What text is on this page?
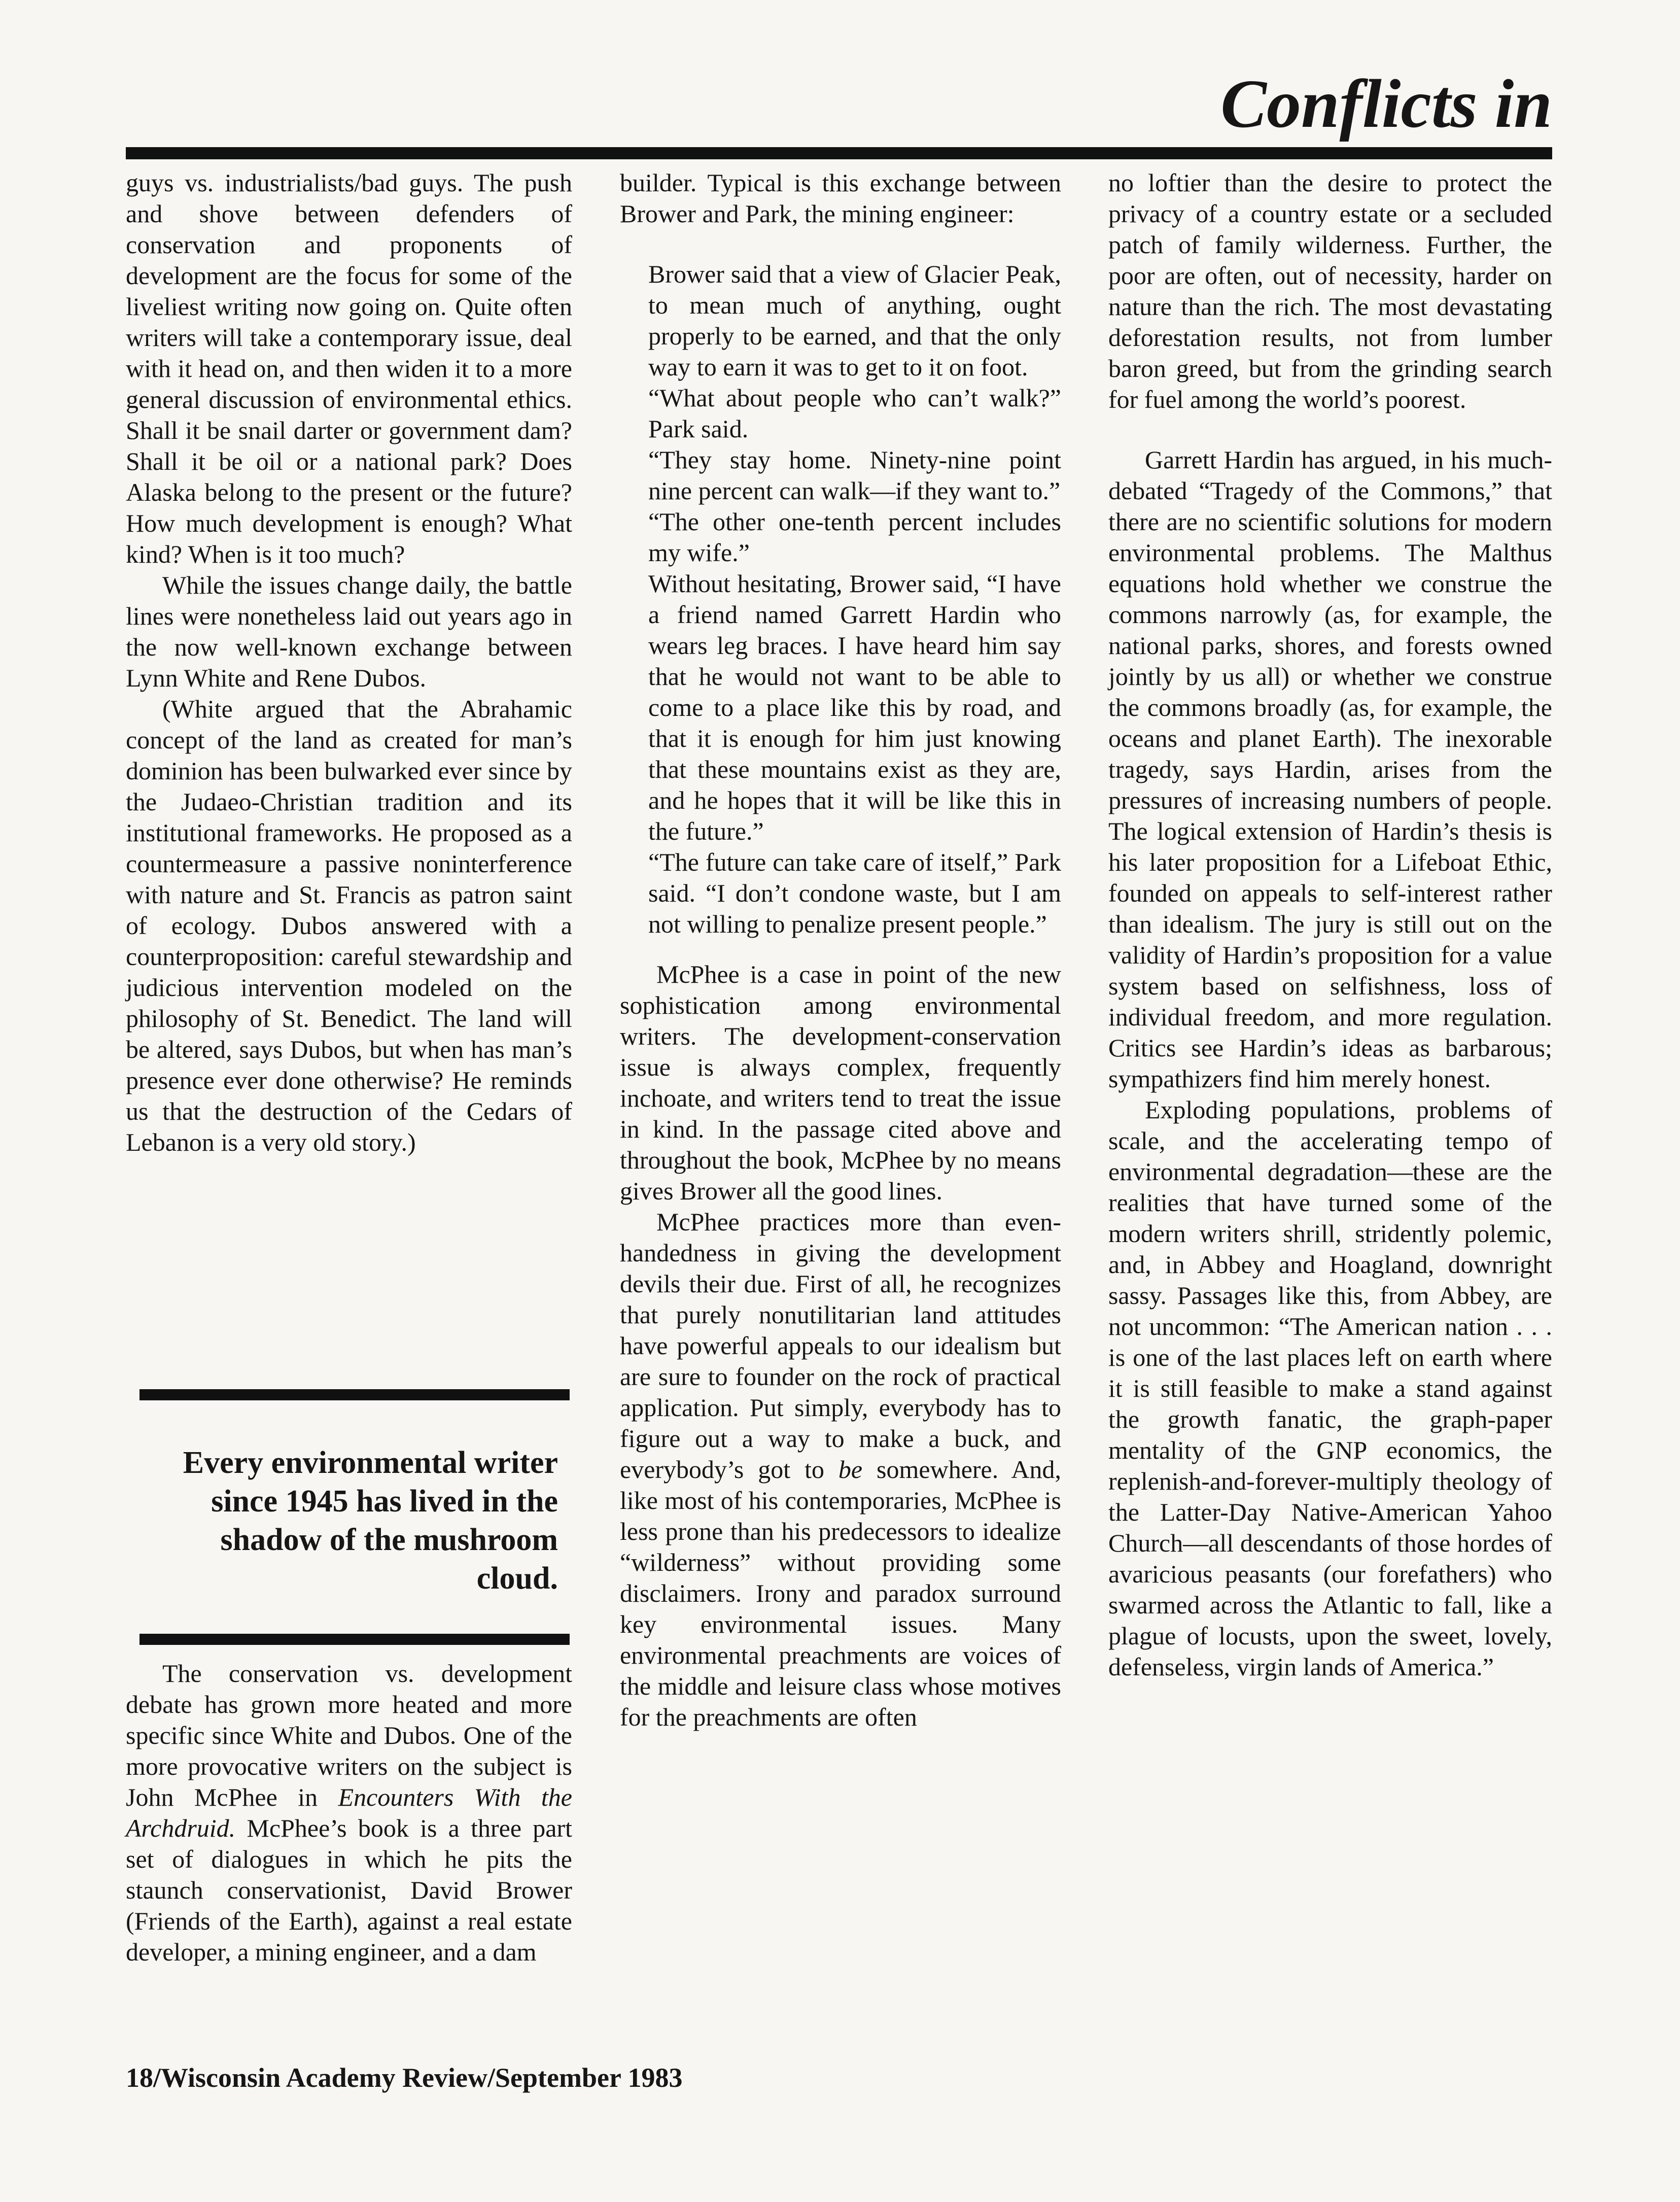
Conflicts in

guys vs. industrialists/bad guys. The push and shove between defenders of conservation and proponents of development are the focus for some of the liveliest writing now going on. Quite often writers will take a contemporary issue, deal with it head on, and then widen it to a more general discussion of environmental ethics. Shall it be snail darter or government dam? Shall it be oil or a national park? Does Alaska belong to the present or the future? How much development is enough? What kind? When is it too much?

While the issues change daily, the battle lines were nonetheless laid out years ago in the now well-known exchange between Lynn White and Rene Dubos.

(White argued that the Abrahamic concept of the land as created for man’s dominion has been bulwarked ever since by the Judaeo-Christian tradition and its institutional frameworks. He proposed as a countermeasure a passive noninterference with nature and St. Francis as patron saint of ecology. Dubos answered with a counterproposition: careful stewardship and judicious intervention modeled on the philosophy of St. Benedict. The land will be altered, says Dubos, but when has man’s presence ever done otherwise? He reminds us that the destruction of the Cedars of Lebanon is a very old story.)

Every environmental writer since 1945 has lived in the shadow of the mushroom cloud.

The conservation vs. development debate has grown more heated and more specific since White and Dubos. One of the more provocative writers on the subject is John McPhee in Encounters With the Archdruid. McPhee’s book is a three part set of dialogues in which he pits the staunch conservationist, David Brower (Friends of the Earth), against a real estate developer, a mining engineer, and a dam

builder. Typical is this exchange between Brower and Park, the mining engineer:

Brower said that a view of Glacier Peak, to mean much of anything, ought properly to be earned, and that the only way to earn it was to get to it on foot.

“What about people who can’t walk?” Park said.

“They stay home. Ninety-nine point nine percent can walk—if they want to.”

“The other one-tenth percent includes my wife.”

Without hesitating, Brower said, “I have a friend named Garrett Hardin who wears leg braces. I have heard him say that he would not want to be able to come to a place like this by road, and that it is enough for him just knowing that these mountains exist as they are, and he hopes that it will be like this in the future.”

“The future can take care of itself,” Park said. “I don’t condone waste, but I am not willing to penalize present people.”

McPhee is a case in point of the new sophistication among environmental writers. The development-conservation issue is always complex, frequently inchoate, and writers tend to treat the issue in kind. In the passage cited above and throughout the book, McPhee by no means gives Brower all the good lines.

McPhee practices more than even-handedness in giving the development devils their due. First of all, he recognizes that purely nonutilitarian land attitudes have powerful appeals to our idealism but are sure to founder on the rock of practical application. Put simply, everybody has to figure out a way to make a buck, and everybody’s got to be somewhere. And, like most of his contemporaries, McPhee is less prone than his predecessors to idealize “wilderness” without providing some disclaimers. Irony and paradox surround key environmental issues. Many environmental preachments are voices of the middle and leisure class whose motives for the preachments are often

no loftier than the desire to protect the privacy of a country estate or a secluded patch of family wilderness. Further, the poor are often, out of necessity, harder on nature than the rich. The most devastating deforestation results, not from lumber baron greed, but from the grinding search for fuel among the world’s poorest.

Garrett Hardin has argued, in his much-debated “Tragedy of the Commons,” that there are no scientific solutions for modern environmental problems. The Malthus equations hold whether we construe the commons narrowly (as, for example, the national parks, shores, and forests owned jointly by us all) or whether we construe the commons broadly (as, for example, the oceans and planet Earth). The inexorable tragedy, says Hardin, arises from the pressures of increasing numbers of people. The logical extension of Hardin’s thesis is his later proposition for a Lifeboat Ethic, founded on appeals to self-interest rather than idealism. The jury is still out on the validity of Hardin’s proposition for a value system based on selfishness, loss of individual freedom, and more regulation. Critics see Hardin’s ideas as barbarous; sympathizers find him merely honest.

Exploding populations, problems of scale, and the accelerating tempo of environmental degradation—these are the realities that have turned some of the modern writers shrill, stridently polemic, and, in Abbey and Hoagland, downright sassy. Passages like this, from Abbey, are not uncommon: “The American nation . . . is one of the last places left on earth where it is still feasible to make a stand against the growth fanatic, the graph-paper mentality of the GNP economics, the replenish-and-forever-multiply theology of the Latter-Day Native-American Yahoo Church—all descendants of those hordes of avaricious peasants (our forefathers) who swarmed across the Atlantic to fall, like a plague of locusts, upon the sweet, lovely, defenseless, virgin lands of America.”

18/Wisconsin Academy Review/September 1983
